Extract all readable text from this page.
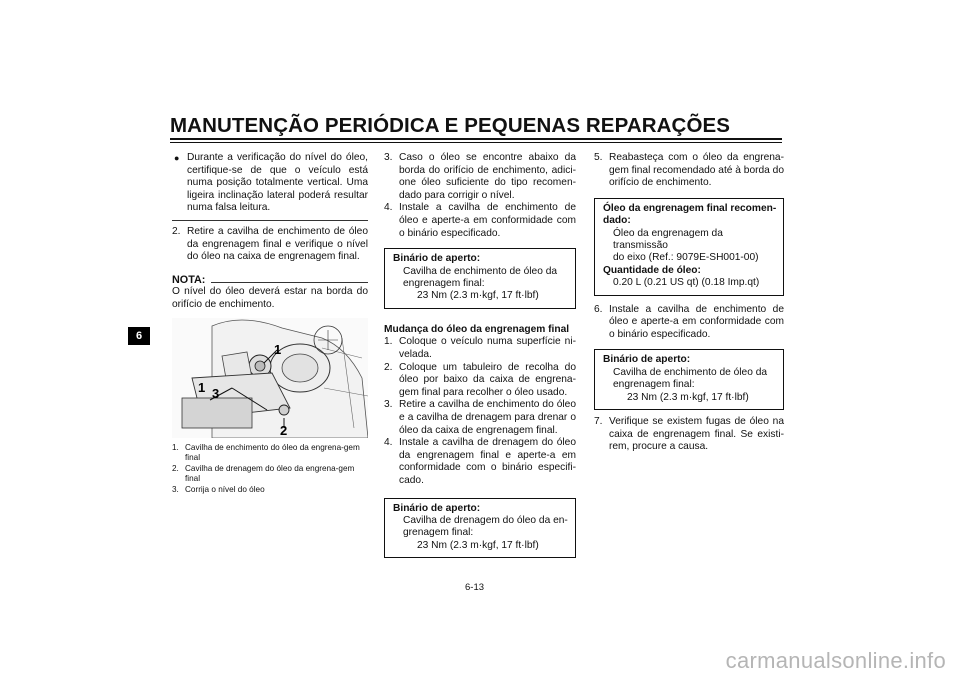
MANUTENÇÃO PERIÓDICA E PEQUENAS REPARAÇÕES
6
● Durante a verificação do nível do óleo, certifique-se de que o veículo está numa posição totalmente vertical. Uma ligeira inclinação lateral poderá resultar numa falsa leitura.
2. Retire a cavilha de enchimento de óleo da engrenagem final e verifique o nível do óleo na caixa de engrenagem final.
NOTA:
O nível do óleo deverá estar na borda do orifício de enchimento.
1
1 3
2
1. Cavilha de enchimento do óleo da engrena-gem final
2. Cavilha de drenagem do óleo da engrena-gem final
3. Corrija o nível do óleo
3. Caso o óleo se encontre abaixo da borda do orifício de enchimento, adici-one óleo suficiente do tipo recomen-dado para corrigir o nível.
4. Instale a cavilha de enchimento de óleo e aperte-a em conformidade com o binário especificado.
Binário de aperto:
Cavilha de enchimento de óleo da
engrenagem final:
23 Nm (2.3 m·kgf, 17 ft·lbf)
Mudança do óleo da engrenagem final
1. Coloque o veículo numa superfície ni-velada.
2. Coloque um tabuleiro de recolha do óleo por baixo da caixa de engrena-gem final para recolher o óleo usado.
3. Retire a cavilha de enchimento do óleo e a cavilha de drenagem para drenar o óleo da caixa de engrenagem final.
4. Instale a cavilha de drenagem do óleo da engrenagem final e aperte-a em conformidade com o binário especifi-cado.
Binário de aperto:
Cavilha de drenagem do óleo da en-
grenagem final:
23 Nm (2.3 m·kgf, 17 ft·lbf)
5. Reabasteça com o óleo da engrena-gem final recomendado até à borda do orifício de enchimento.
Óleo da engrenagem final recomen-
dado:
Óleo da engrenagem da transmissão
do eixo (Ref.: 9079E-SH001-00)
Quantidade de óleo:
0.20 L (0.21 US qt) (0.18 Imp.qt)
6. Instale a cavilha de enchimento de óleo e aperte-a em conformidade com o binário especificado.
Binário de aperto:
Cavilha de enchimento de óleo da
engrenagem final:
23 Nm (2.3 m·kgf, 17 ft·lbf)
7. Verifique se existem fugas de óleo na caixa de engrenagem final. Se existi-rem, procure a causa.
6-13
carmanualsonline.info
